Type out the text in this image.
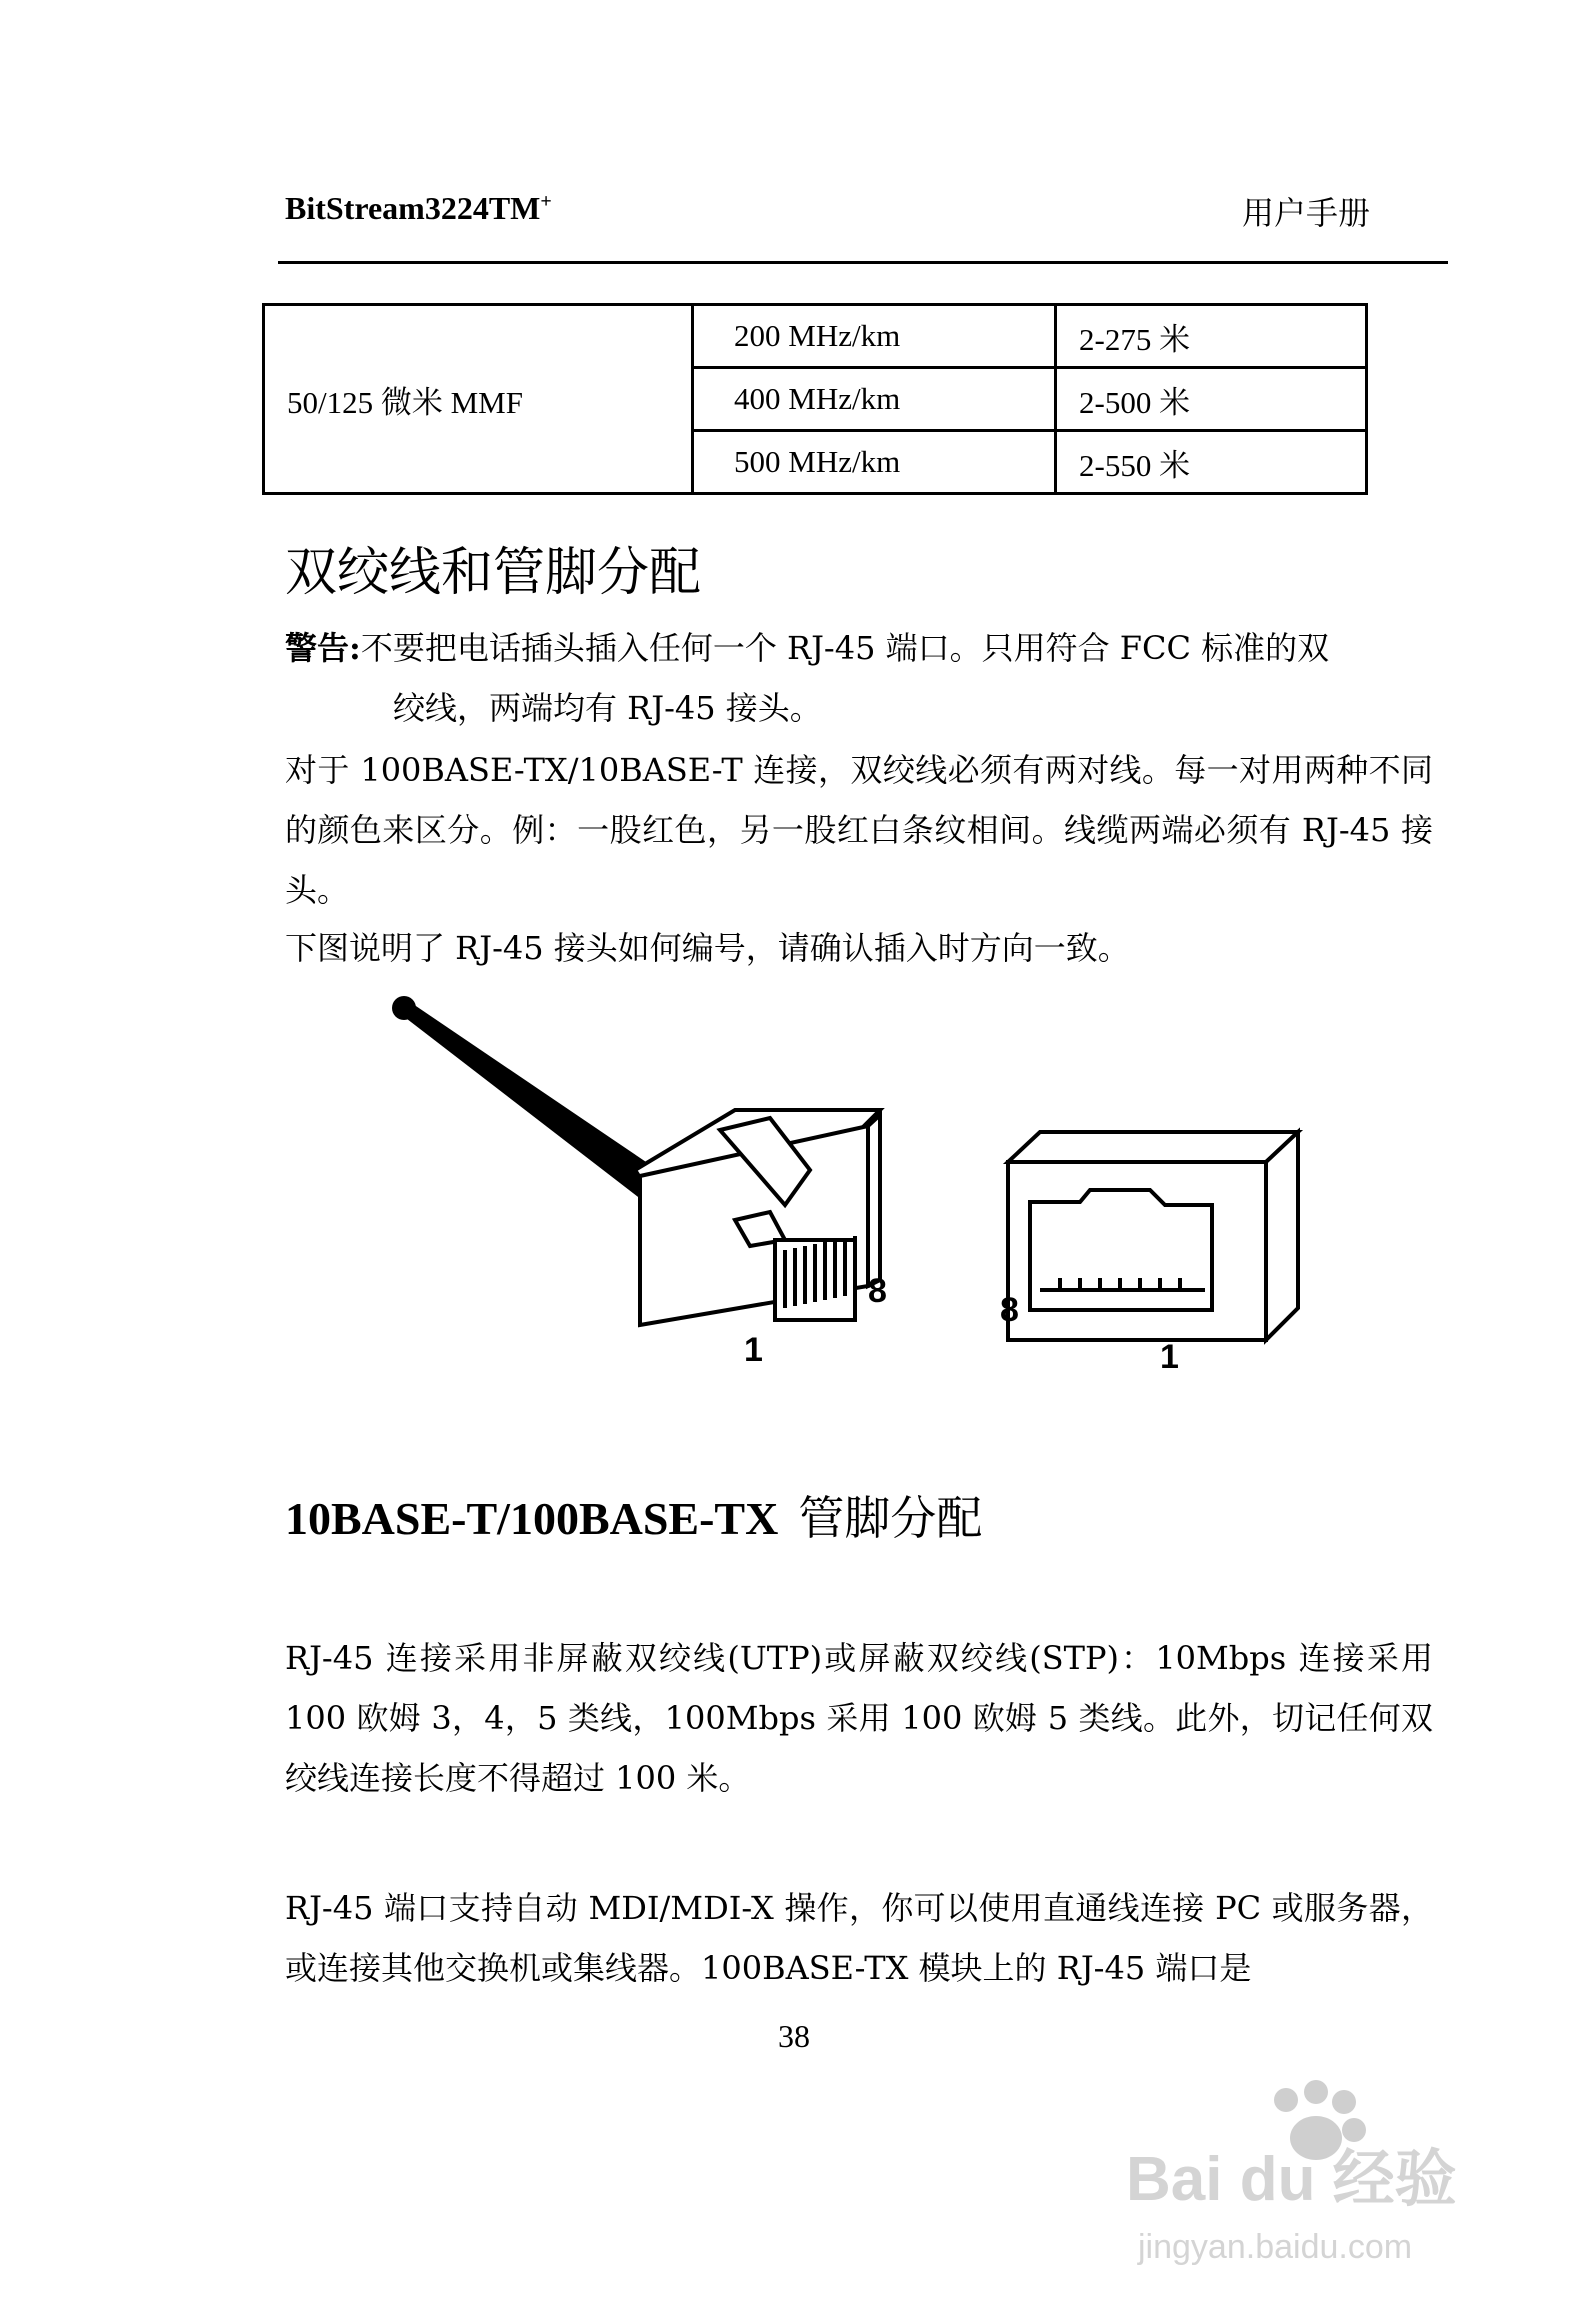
BitStream3224TM+	用户手册
50/125 微米 MMF	200 MHz/km	2-275 米
	400 MHz/km	2-500 米
	500 MHz/km	2-550 米
双绞线和管脚分配
警告:不要把电话插头插入任何一个 RJ-45 端口。只用符合 FCC 标准的双
绞线，两端均有 RJ-45 接头。
对于 100BASE-TX/10BASE-T 连接，双绞线必须有两对线。每一对用两种不同的颜色来区分。例：一股红色，另一股红白条纹相间。线缆两端必须有 RJ-45 接头。
下图说明了 RJ-45 接头如何编号，请确认插入时方向一致。
1
8	8
1
10BASE-T/100BASE-TX 管脚分配
RJ-45 连接采用非屏蔽双绞线(UTP)或屏蔽双绞线(STP)：10Mbps 连接采用 100 欧姆 3，4，5 类线，100Mbps 采用 100 欧姆 5 类线。此外，切记任何双绞线连接长度不得超过 100 米。
RJ-45 端口支持自动 MDI/MDI-X 操作，你可以使用直通线连接 PC 或服务器，或连接其他交换机或集线器。100BASE-TX 模块上的 RJ-45 端口是
38
Bai du 经验
jingyan.baidu.com
